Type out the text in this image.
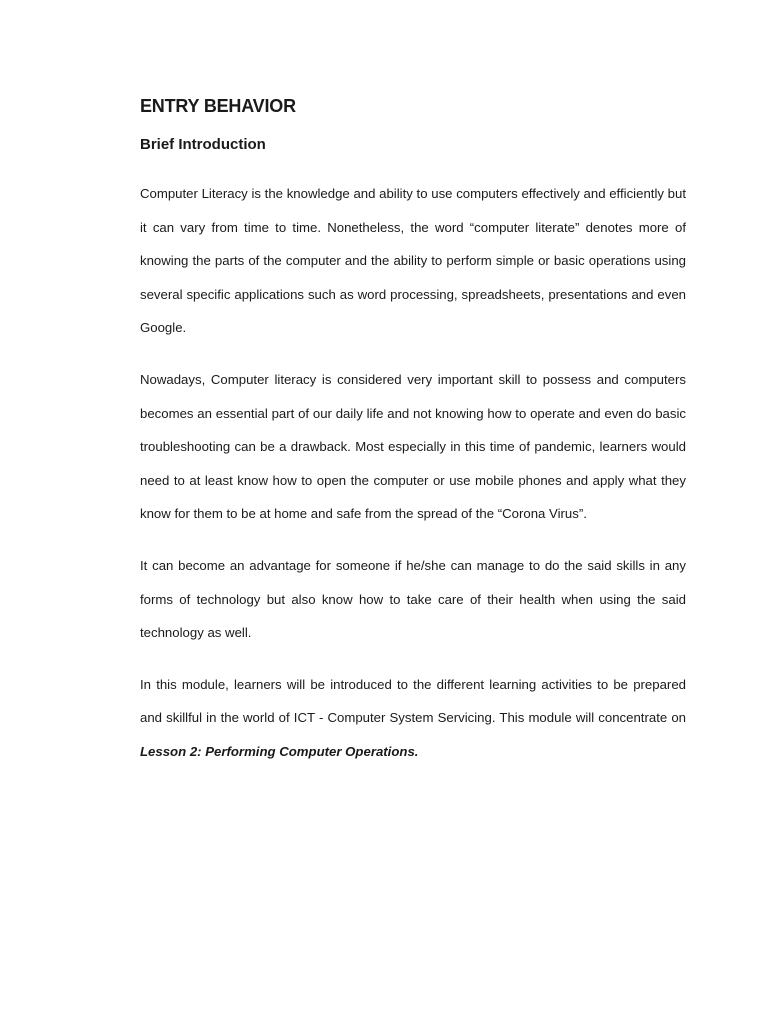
ENTRY BEHAVIOR
Brief Introduction

Computer Literacy is the knowledge and ability to use computers effectively and efficiently but it can vary from time to time. Nonetheless, the word “computer literate” denotes more of knowing the parts of the computer and the ability to perform simple or basic operations using several specific applications such as word processing, spreadsheets, presentations and even Google.

Nowadays, Computer literacy is considered very important skill to possess and computers becomes an essential part of our daily life and not knowing how to operate and even do basic troubleshooting can be a drawback. Most especially in this time of pandemic, learners would need to at least know how to open the computer or use mobile phones and apply what they know for them to be at home and safe from the spread of the “Corona Virus”.

It can become an advantage for someone if he/she can manage to do the said skills in any forms of technology but also know how to take care of their health when using the said technology as well.

In this module, learners will be introduced to the different learning activities to be prepared and skillful in the world of ICT - Computer System Servicing. This module will concentrate on Lesson 2: Performing Computer Operations.
